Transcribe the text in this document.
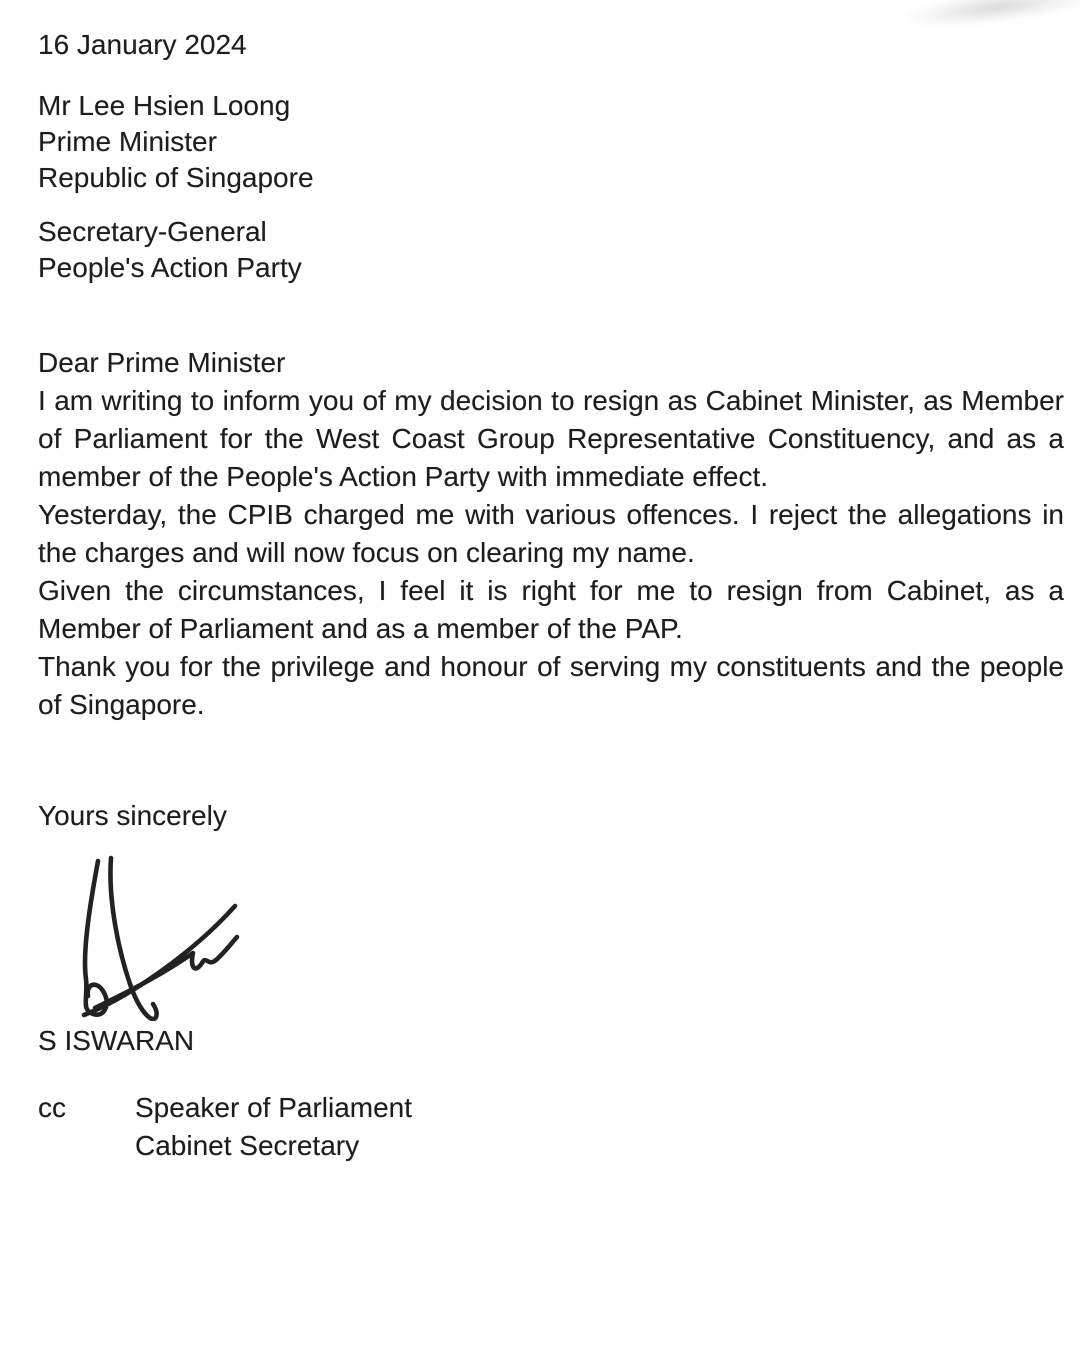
16 January 2024
Mr Lee Hsien Loong
Prime Minister
Republic of Singapore
Secretary-General
People's Action Party
Dear Prime Minister

I am writing to inform you of my decision to resign as Cabinet Minister, as Member of Parliament for the West Coast Group Representative Constituency, and as a member of the People's Action Party with immediate effect.

Yesterday, the CPIB charged me with various offences. I reject the allegations in the charges and will now focus on clearing my name.

Given the circumstances, I feel it is right for me to resign from Cabinet, as a Member of Parliament and as a member of the PAP.

Thank you for the privilege and honour of serving my constituents and the people of Singapore.

Yours sincerely
S ISWARAN
cc	Speaker of Parliament
Cabinet Secretary
